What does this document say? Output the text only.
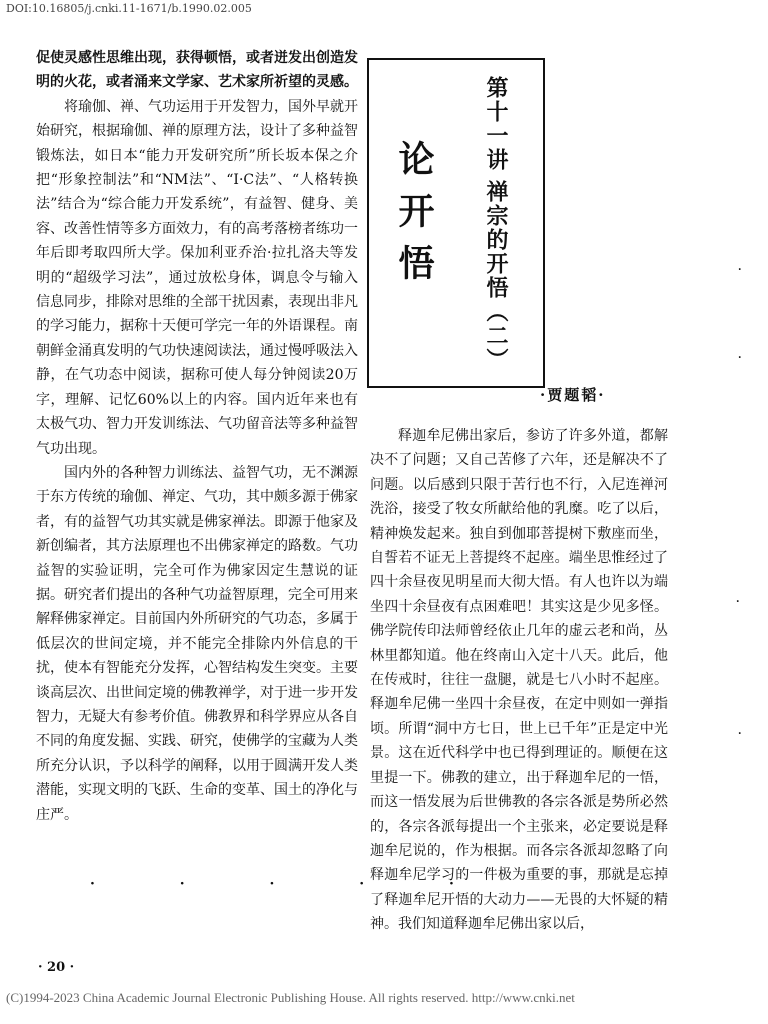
DOI:10.16805/j.cnki.11-1671/b.1990.02.005

促使灵感性思维出现，获得顿悟，或者迸发出创造发明的火花，或者涌来文学家、艺术家所祈望的灵感。

将瑜伽、禅、气功运用于开发智力，国外早就开始研究，根据瑜伽、禅的原理方法，设计了多种益智锻炼法，如日本“能力开发研究所”所长坂本保之介把“形象控制法”和“NM法”、“I·C法”、“人格转换法”结合为“综合能力开发系统”，有益智、健身、美容、改善性情等多方面效力，有的高考落榜者练功一年后即考取四所大学。保加利亚乔治·拉扎洛夫等发明的“超级学习法”，通过放松身体，调息令与输入信息同步，排除对思维的全部干扰因素，表现出非凡的学习能力，据称十天便可学完一年的外语课程。南朝鲜金涌真发明的气功快速阅读法，通过慢呼吸法入静，在气功态中阅读，据称可使人每分钟阅读20万字，理解、记忆60%以上的内容。国内近年来也有太极气功、智力开发训练法、气功留音法等多种益智气功出现。

国内外的各种智力训练法、益智气功，无不渊源于东方传统的瑜伽、禅定、气功，其中颇多源于佛家者，有的益智气功其实就是佛家禅法。即源于他家及新创编者，其方法原理也不出佛家禅定的路数。气功益智的实验证明，完全可作为佛家因定生慧说的证据。研究者们提出的各种气功益智原理，完全可用来解释佛家禅定。目前国内外所研究的气功态，多属于低层次的世间定境，并不能完全排除内外信息的干扰，使本有智能充分发挥，心智结构发生突变。主要谈高层次、出世间定境的佛教禅学，对于进一步开发智力，无疑大有参考价值。佛教界和科学界应从各自不同的角度发掘、实践、研究，使佛学的宝藏为人类所充分认识，予以科学的阐释，以用于圆满开发人类潜能，实现文明的飞跃、生命的变革、国土的净化与庄严。

论开悟
第十一讲
禅宗的开悟（二）
·贾题韬·

释迦牟尼佛出家后，参访了许多外道，都解决不了问题；又自己苦修了六年，还是解决不了问题。以后感到只限于苦行也不行，入尼连禅河洗浴，接受了牧女所献给他的乳糜。吃了以后，精神焕发起来。独自到伽耶菩提树下敷座而坐，自誓若不证无上菩提终不起座。端坐思惟经过了四十余昼夜见明星而大彻大悟。有人也许以为端坐四十余昼夜有点困难吧！其实这是少见多怪。佛学院传印法师曾经依止几年的虚云老和尚，丛林里都知道。他在终南山入定十八天。此后，他在传戒时，往往一盘腿，就是七八小时不起座。释迦牟尼佛一坐四十余昼夜，在定中则如一弹指顷。所谓“洞中方七日，世上已千年”正是定中光景。这在近代科学中也已得到理证的。顺便在这里提一下。佛教的建立，出于释迦牟尼的一悟，而这一悟发展为后世佛教的各宗各派是势所必然的，各宗各派每提出一个主张来，必定要说是释迦牟尼说的，作为根据。而各宗各派却忽略了向释迦牟尼学习的一件极为重要的事，那就是忘掉了释迦牟尼开悟的大动力——无畏的大怀疑的精神。我们知道释迦牟尼佛出家以后，

· · · · ·
· 20 ·
(C)1994-2023 China Academic Journal Electronic Publishing House. All rights reserved. http://www.cnki.net
.
.
.
.
